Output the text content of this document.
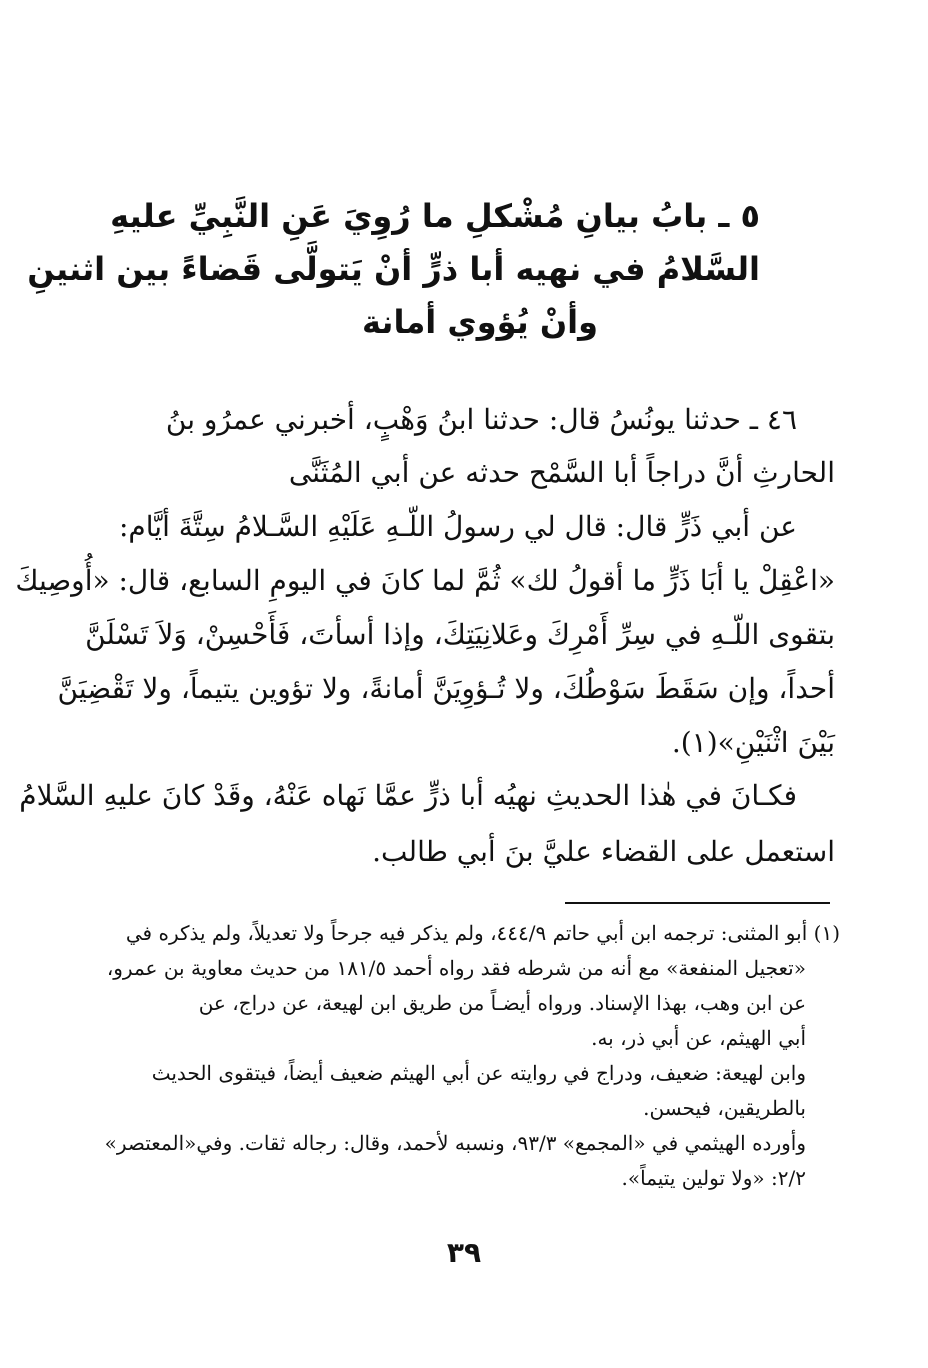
٥ ـ بابُ بيانِ مُشْكلِ ما رُوِيَ عَنِ النَّبِيِّ عليهِ
السَّلامُ في نهيه أبا ذرٍّ أنْ يَتولَّى قَضاءً بين اثنينِ
وأنْ يُؤوي أمانة
٤٦ ـ حدثنا يونُسُ قال: حدثنا ابنُ وَهْبٍ، أخبرني عمرُو بنُ
الحارثِ أنَّ دراجاً أبا السَّمْح حدثه عن أبي المُثَنَّى
عن أبي ذَرٍّ قال: قال لي رسولُ اللّـهِ عَلَيْهِ السَّـلامُ سِتَّةَ أيَّام:
«اعْقِلْ يا أبَا ذَرٍّ ما أقولُ لك» ثُمَّ لما كانَ في اليومِ السابع، قال: «أُوصِيكَ
بتقوى اللّـهِ في سِرِّ أَمْرِكَ وعَلانِيَتِكَ، وإذا أسأتَ، فَأَحْسِنْ، وَلاَ تَسْلَنَّ
أحداً، وإن سَقَطَ سَوْطُكَ، ولا تُـؤوِيَنَّ أمانةً، ولا تؤوين يتيماً، ولا تَقْضِيَنَّ
بَيْنَ اثْنَيْنِ»(١).
فكـانَ في هٰذا الحديثِ نهيُه أبا ذرٍّ عمَّا نَهاه عَنْهُ، وقَدْ كانَ عليهِ السَّلامُ
استعمل على القضاء عليَّ بنَ أبي طالب.
(١) أبو المثنى: ترجمه ابن أبي حاتم ٤٤٤/٩، ولم يذكر فيه جرحاً ولا تعديلاً، ولم يذكره في
«تعجيل المنفعة» مع أنه من شرطه فقد رواه أحمد ١٨١/٥ من حديث معاوية بن عمرو،
عن ابن وهب، بهذا الإسناد. ورواه أيضـاً من طريق ابن لهيعة، عن دراج، عن
أبي الهيثم، عن أبي ذر، به.
وابن لهيعة: ضعيف، ودراج في روايته عن أبي الهيثم ضعيف أيضاً، فيتقوى الحديث
بالطريقين، فيحسن.
وأورده الهيثمي في «المجمع» ٩٣/٣، ونسبه لأحمد، وقال: رجاله ثقات. وفي«المعتصر»
٢/٢: «ولا تولين يتيماً».
٣٩
